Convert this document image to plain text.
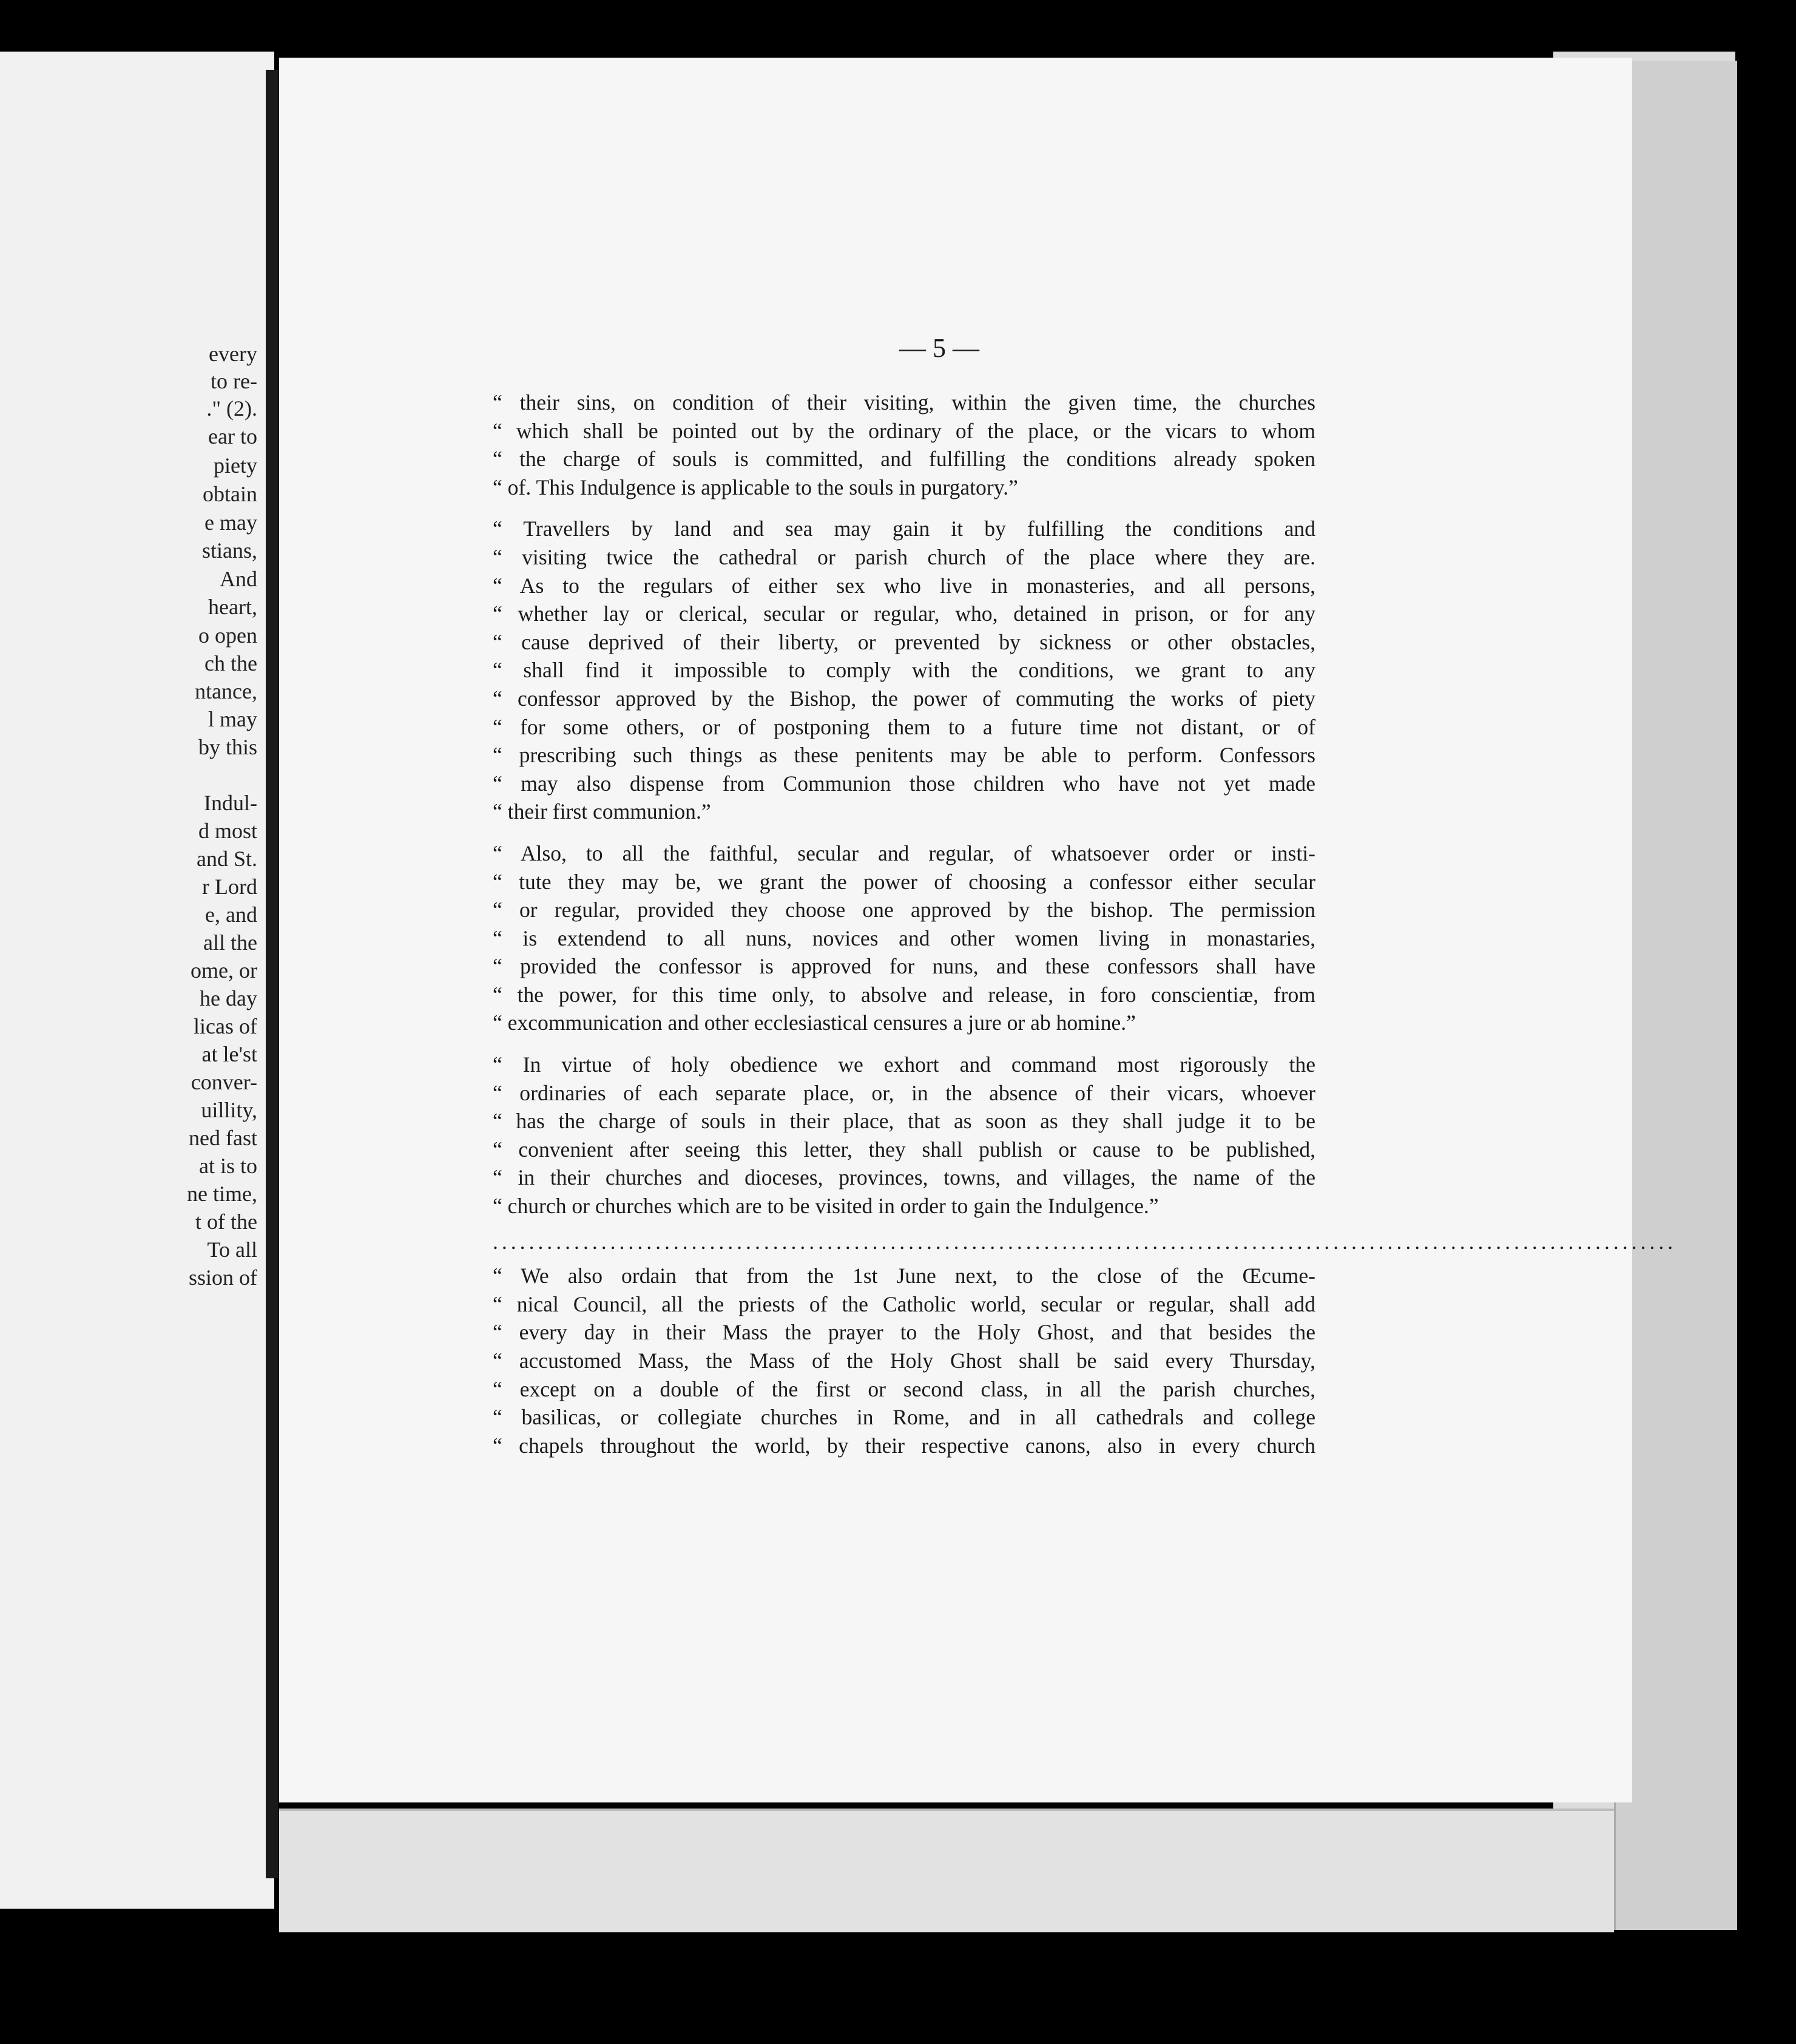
every
to re-
." (2).
ear to
piety
obtain
e may
stians,
And
heart,
o open
ch the
ntance,
l may
by this
Indul-
d most
and St.
r Lord
e, and
all the
ome, or
he day
licas of
at le'st
conver-
uillity,
ned fast
at is to
ne time,
t of the
To all
ssion of
— 5 —
“ their sins, on condition of their visiting, within the given time, the churches
“ which shall be pointed out by the ordinary of the place, or the vicars to whom
“ the charge of souls is committed, and fulfilling the conditions already spoken
“ of. This Indulgence is applicable to the souls in purgatory.”
“ Travellers by land and sea may gain it by fulfilling the conditions and
“ visiting twice the cathedral or parish church of the place where they are.
“ As to the regulars of either sex who live in monasteries, and all persons,
“ whether lay or clerical, secular or regular, who, detained in prison, or for any
“ cause deprived of their liberty, or prevented by sickness or other obstacles,
“ shall find it impossible to comply with the conditions, we grant to any
“ confessor approved by the Bishop, the power of commuting the works of piety
“ for some others, or of postponing them to a future time not distant, or of
“ prescribing such things as these penitents may be able to perform. Confessors
“ may also dispense from Communion those children who have not yet made
“ their first communion.”
“ Also, to all the faithful, secular and regular, of whatsoever order or insti-
“ tute they may be, we grant the power of choosing a confessor either secular
“ or regular, provided they choose one approved by the bishop. The permission
“ is extendend to all nuns, novices and other women living in monastaries,
“ provided the confessor is approved for nuns, and these confessors shall have
“ the power, for this time only, to absolve and release, in foro conscientiæ, from
“ excommunication and other ecclesiastical censures a jure or ab homine.”
“ In virtue of holy obedience we exhort and command most rigorously the
“ ordinaries of each separate place, or, in the absence of their vicars, whoever
“ has the charge of souls in their place, that as soon as they shall judge it to be
“ convenient after seeing this letter, they shall publish or cause to be published,
“ in their churches and dioceses, provinces, towns, and villages, the name of the
“ church or churches which are to be visited in order to gain the Indulgence.”
...................................................................................................................................
“ We also ordain that from the 1st June next, to the close of the Œcume-
“ nical Council, all the priests of the Catholic world, secular or regular, shall add
“ every day in their Mass the prayer to the Holy Ghost, and that besides the
“ accustomed Mass, the Mass of the Holy Ghost shall be said every Thursday,
“ except on a double of the first or second class, in all the parish churches,
“ basilicas, or collegiate churches in Rome, and in all cathedrals and college
“ chapels throughout the world, by their respective canons, also in every church
